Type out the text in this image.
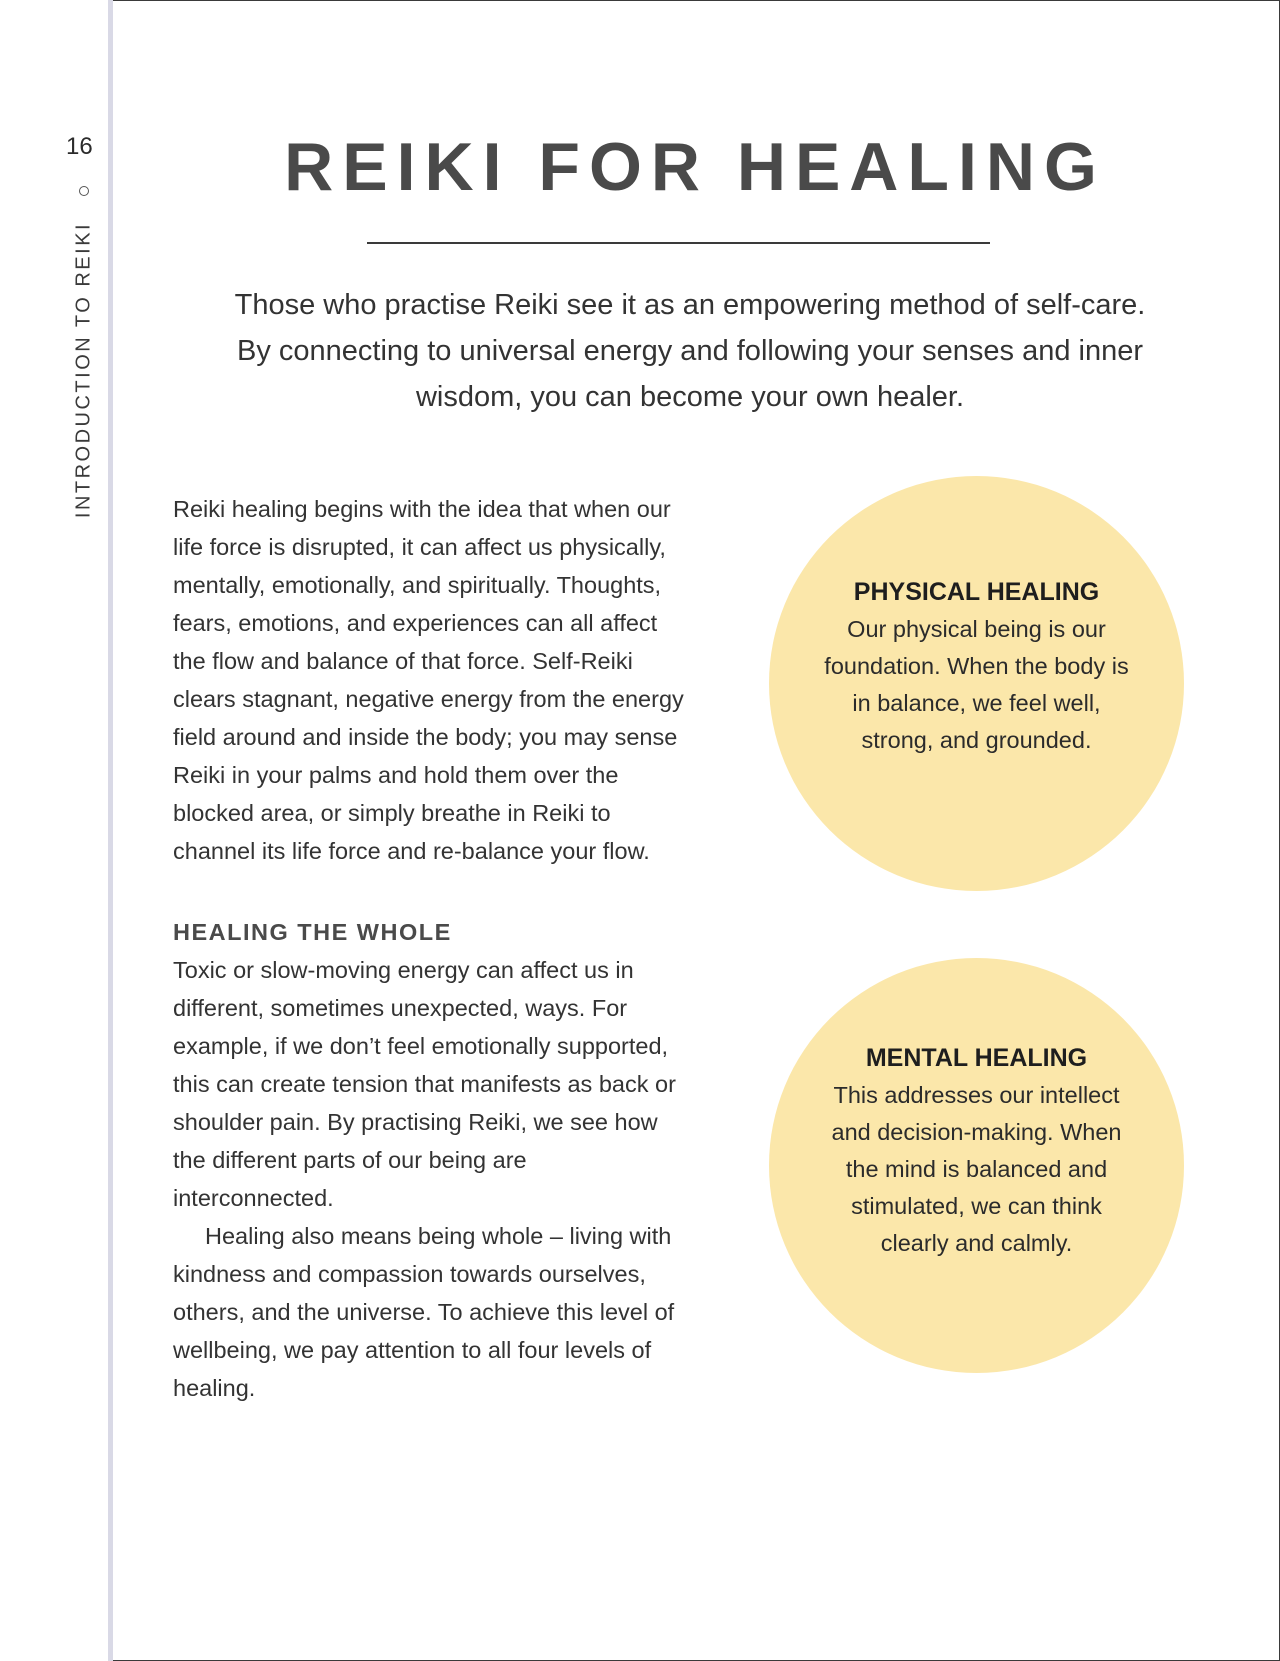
16
INTRODUCTION TO REIKI
REIKI FOR HEALING

Those who practise Reiki see it as an empowering method of self-care. By connecting to universal energy and following your senses and inner wisdom, you can become your own healer.

Reiki healing begins with the idea that when our life force is disrupted, it can affect us physically, mentally, emotionally, and spiritually. Thoughts, fears, emotions, and experiences can all affect the flow and balance of that force. Self-Reiki clears stagnant, negative energy from the energy field around and inside the body; you may sense Reiki in your palms and hold them over the blocked area, or simply breathe in Reiki to channel its life force and re-balance your flow.

HEALING THE WHOLE

Toxic or slow-moving energy can affect us in different, sometimes unexpected, ways. For example, if we don’t feel emotionally supported, this can create tension that manifests as back or shoulder pain. By practising Reiki, we see how the different parts of our being are interconnected.

Healing also means being whole – living with kindness and compassion towards ourselves, others, and the universe. To achieve this level of wellbeing, we pay attention to all four levels of healing.

PHYSICAL HEALING
Our physical being is our foundation. When the body is in balance, we feel well, strong, and grounded.
MENTAL HEALING
This addresses our intellect and decision-making. When the mind is balanced and stimulated, we can think clearly and calmly.
